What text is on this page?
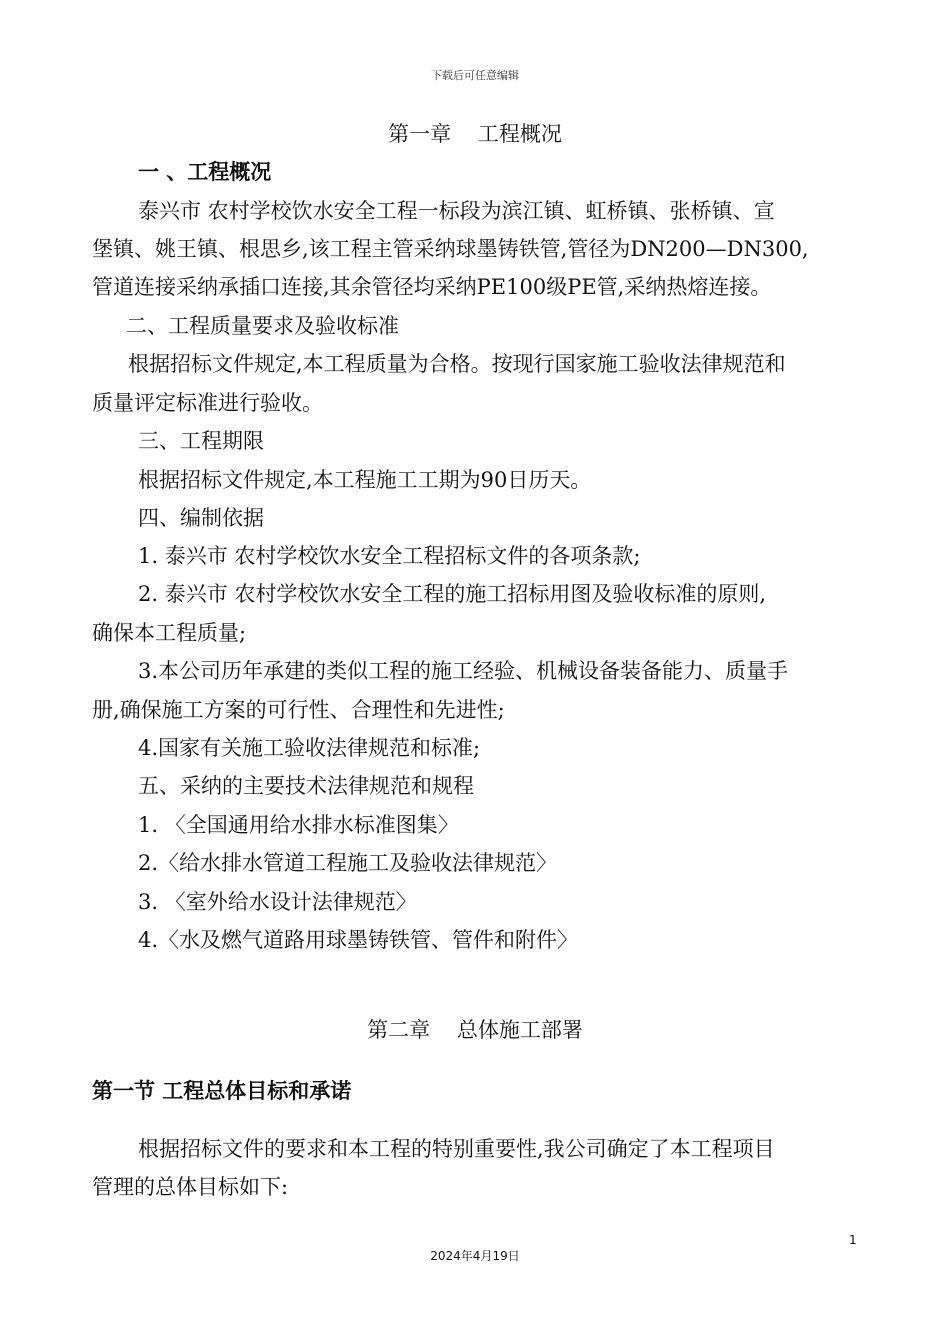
下载后可任意编辑
第一章    工程概况
一 、工程概况
泰兴市 农村学校饮水安全工程一标段为滨江镇、虹桥镇、张桥镇、宣
堡镇、姚王镇、根思乡,该工程主管采纳球墨铸铁管,管径为DN200—DN300,
管道连接采纳承插口连接,其余管径均采纳PE100级PE管,采纳热熔连接。
二、工程质量要求及验收标准
根据招标文件规定,本工程质量为合格。按现行国家施工验收法律规范和
质量评定标准进行验收。
三、工程期限
根据招标文件规定,本工程施工工期为90日历天。
四、编制依据
1. 泰兴市 农村学校饮水安全工程招标文件的各项条款;
2. 泰兴市 农村学校饮水安全工程的施工招标用图及验收标准的原则,
确保本工程质量;
3.本公司历年承建的类似工程的施工经验、机械设备装备能力、质量手
册,确保施工方案的可行性、合理性和先进性;
4.国家有关施工验收法律规范和标准;
五、采纳的主要技术法律规范和规程
1. 〈全国通用给水排水标准图集〉
2.〈给水排水管道工程施工及验收法律规范〉
3. 〈室外给水设计法律规范〉
4.〈水及燃气道路用球墨铸铁管、管件和附件〉
第二章    总体施工部署
第一节 工程总体目标和承诺
根据招标文件的要求和本工程的特别重要性,我公司确定了本工程项目
管理的总体目标如下:
1
2024年4月19日
